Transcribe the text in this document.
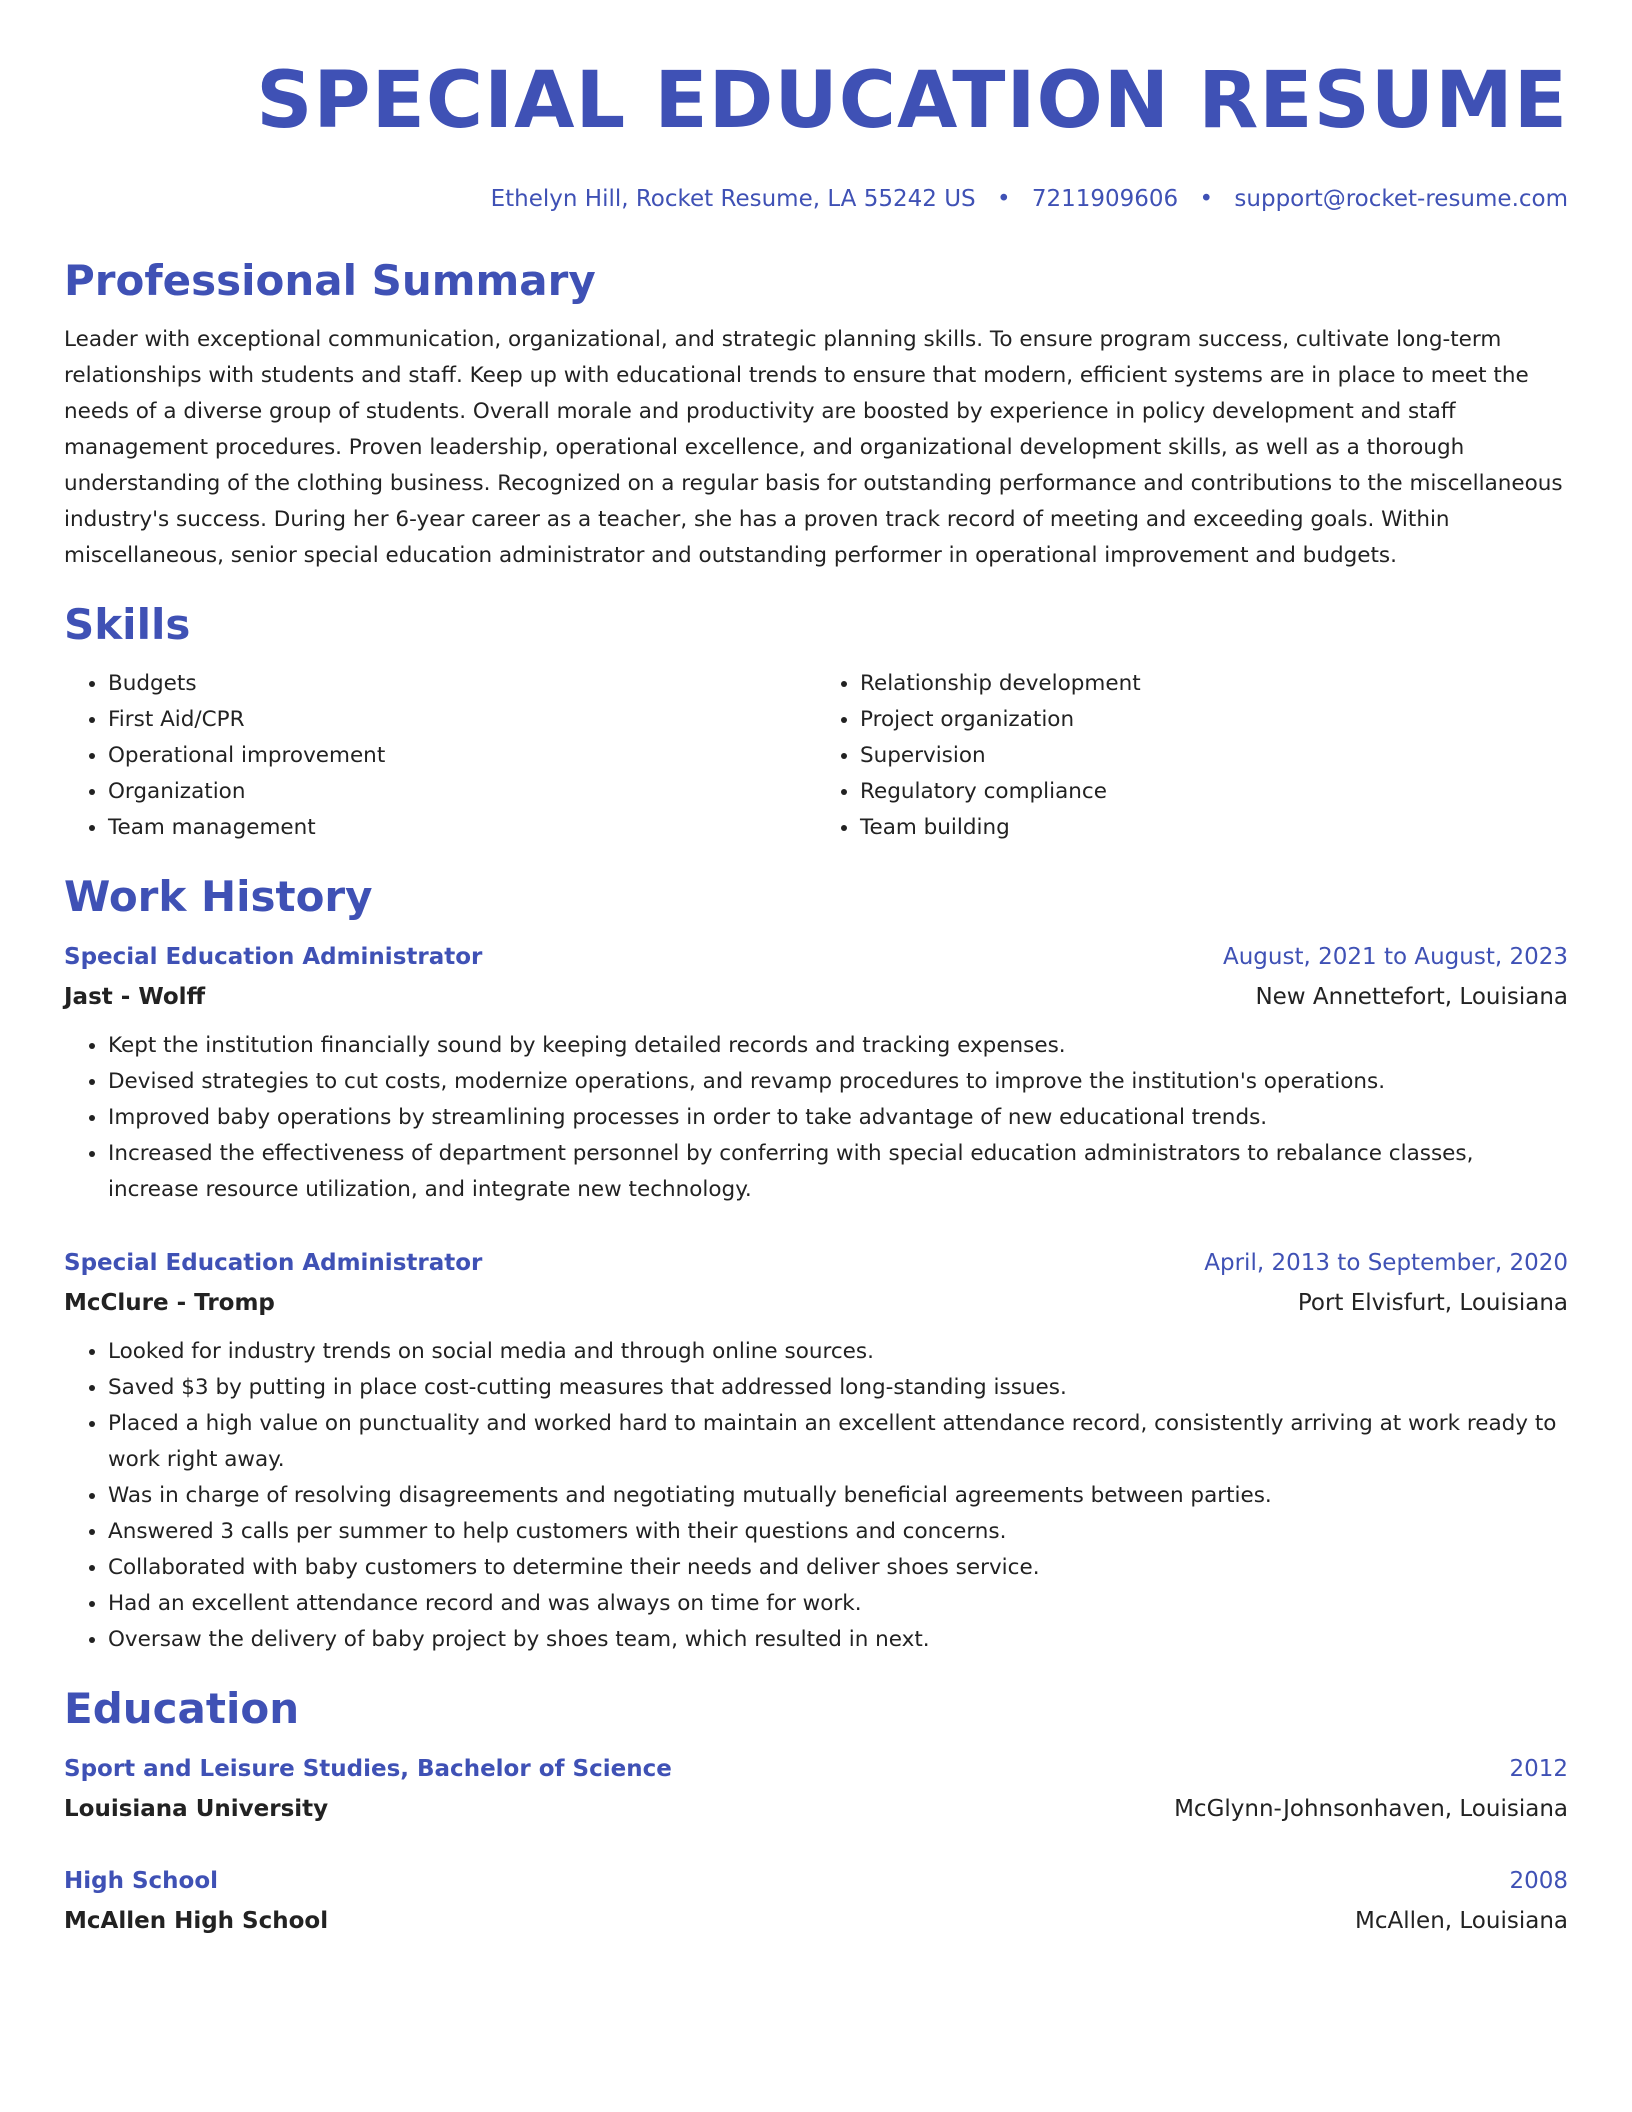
SPECIAL EDUCATION RESUME
Ethelyn Hill, Rocket Resume, LA 55242 US • 7211909606 • support@rocket-resume.com
Professional Summary
Leader with exceptional communication, organizational, and strategic planning skills. To ensure program success, cultivate long-term relationships with students and staff. Keep up with educational trends to ensure that modern, efficient systems are in place to meet the needs of a diverse group of students. Overall morale and productivity are boosted by experience in policy development and staff management procedures. Proven leadership, operational excellence, and organizational development skills, as well as a thorough understanding of the clothing business. Recognized on a regular basis for outstanding performance and contributions to the miscellaneous industry's success. During her 6-year career as a teacher, she has a proven track record of meeting and exceeding goals. Within miscellaneous, senior special education administrator and outstanding performer in operational improvement and budgets.
Skills
• Budgets
• First Aid/CPR
• Operational improvement
• Organization
• Team management
• Relationship development
• Project organization
• Supervision
• Regulatory compliance
• Team building
Work History
Special Education Administrator	August, 2021 to August, 2023
Jast - Wolff	New Annettefort, Louisiana
• Kept the institution financially sound by keeping detailed records and tracking expenses.
• Devised strategies to cut costs, modernize operations, and revamp procedures to improve the institution's operations.
• Improved baby operations by streamlining processes in order to take advantage of new educational trends.
• Increased the effectiveness of department personnel by conferring with special education administrators to rebalance classes, increase resource utilization, and integrate new technology.
Special Education Administrator	April, 2013 to September, 2020
McClure - Tromp	Port Elvisfurt, Louisiana
• Looked for industry trends on social media and through online sources.
• Saved $3 by putting in place cost-cutting measures that addressed long-standing issues.
• Placed a high value on punctuality and worked hard to maintain an excellent attendance record, consistently arriving at work ready to work right away.
• Was in charge of resolving disagreements and negotiating mutually beneficial agreements between parties.
• Answered 3 calls per summer to help customers with their questions and concerns.
• Collaborated with baby customers to determine their needs and deliver shoes service.
• Had an excellent attendance record and was always on time for work.
• Oversaw the delivery of baby project by shoes team, which resulted in next.
Education
Sport and Leisure Studies, Bachelor of Science	2012
Louisiana University	McGlynn-Johnsonhaven, Louisiana
High School	2008
McAllen High School	McAllen, Louisiana
